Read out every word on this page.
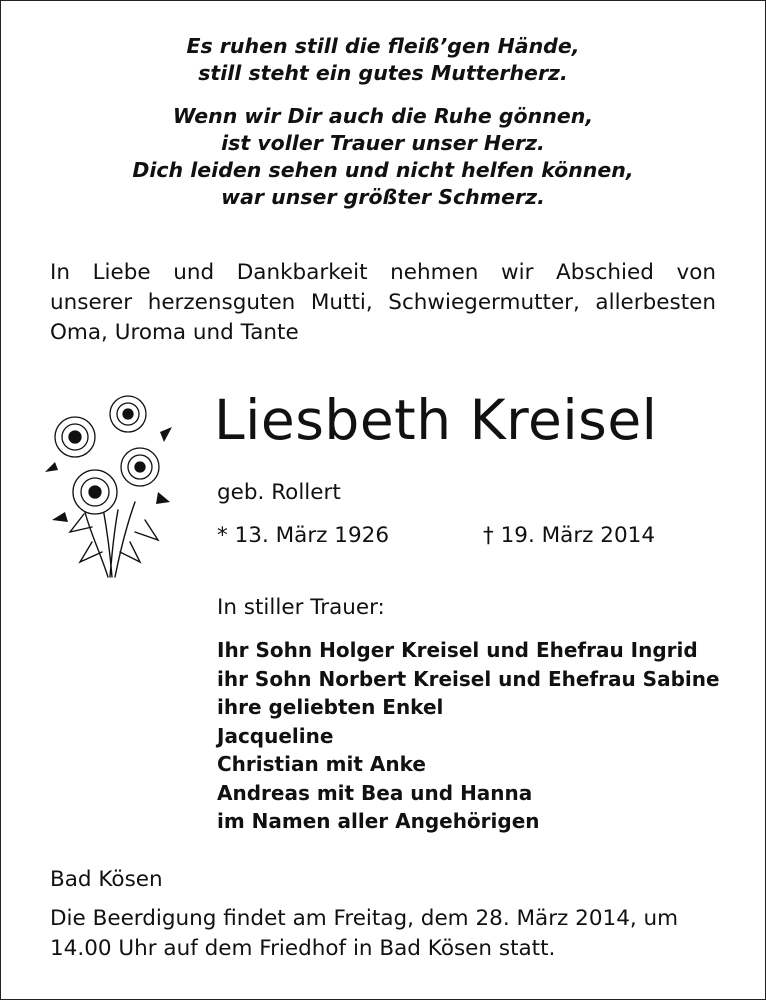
Es ruhen still die fleiß’gen Hände,
still steht ein gutes Mutterherz.
Wenn wir Dir auch die Ruhe gönnen,
ist voller Trauer unser Herz.
Dich leiden sehen und nicht helfen können,
war unser größter Schmerz.
In Liebe und Dankbarkeit nehmen wir Abschied von
unserer herzensguten Mutti, Schwiegermutter, allerbesten
Oma, Uroma und Tante
Liesbeth Kreisel
geb. Rollert
* 13. März 1926	† 19. März 2014
In stiller Trauer:
Ihr Sohn Holger Kreisel und Ehefrau Ingrid
ihr Sohn Norbert Kreisel und Ehefrau Sabine
ihre geliebten Enkel
Jacqueline
Christian mit Anke
Andreas mit Bea und Hanna
im Namen aller Angehörigen
Bad Kösen
Die Beerdigung findet am Freitag, dem 28. März 2014, um
14.00 Uhr auf dem Friedhof in Bad Kösen statt.
